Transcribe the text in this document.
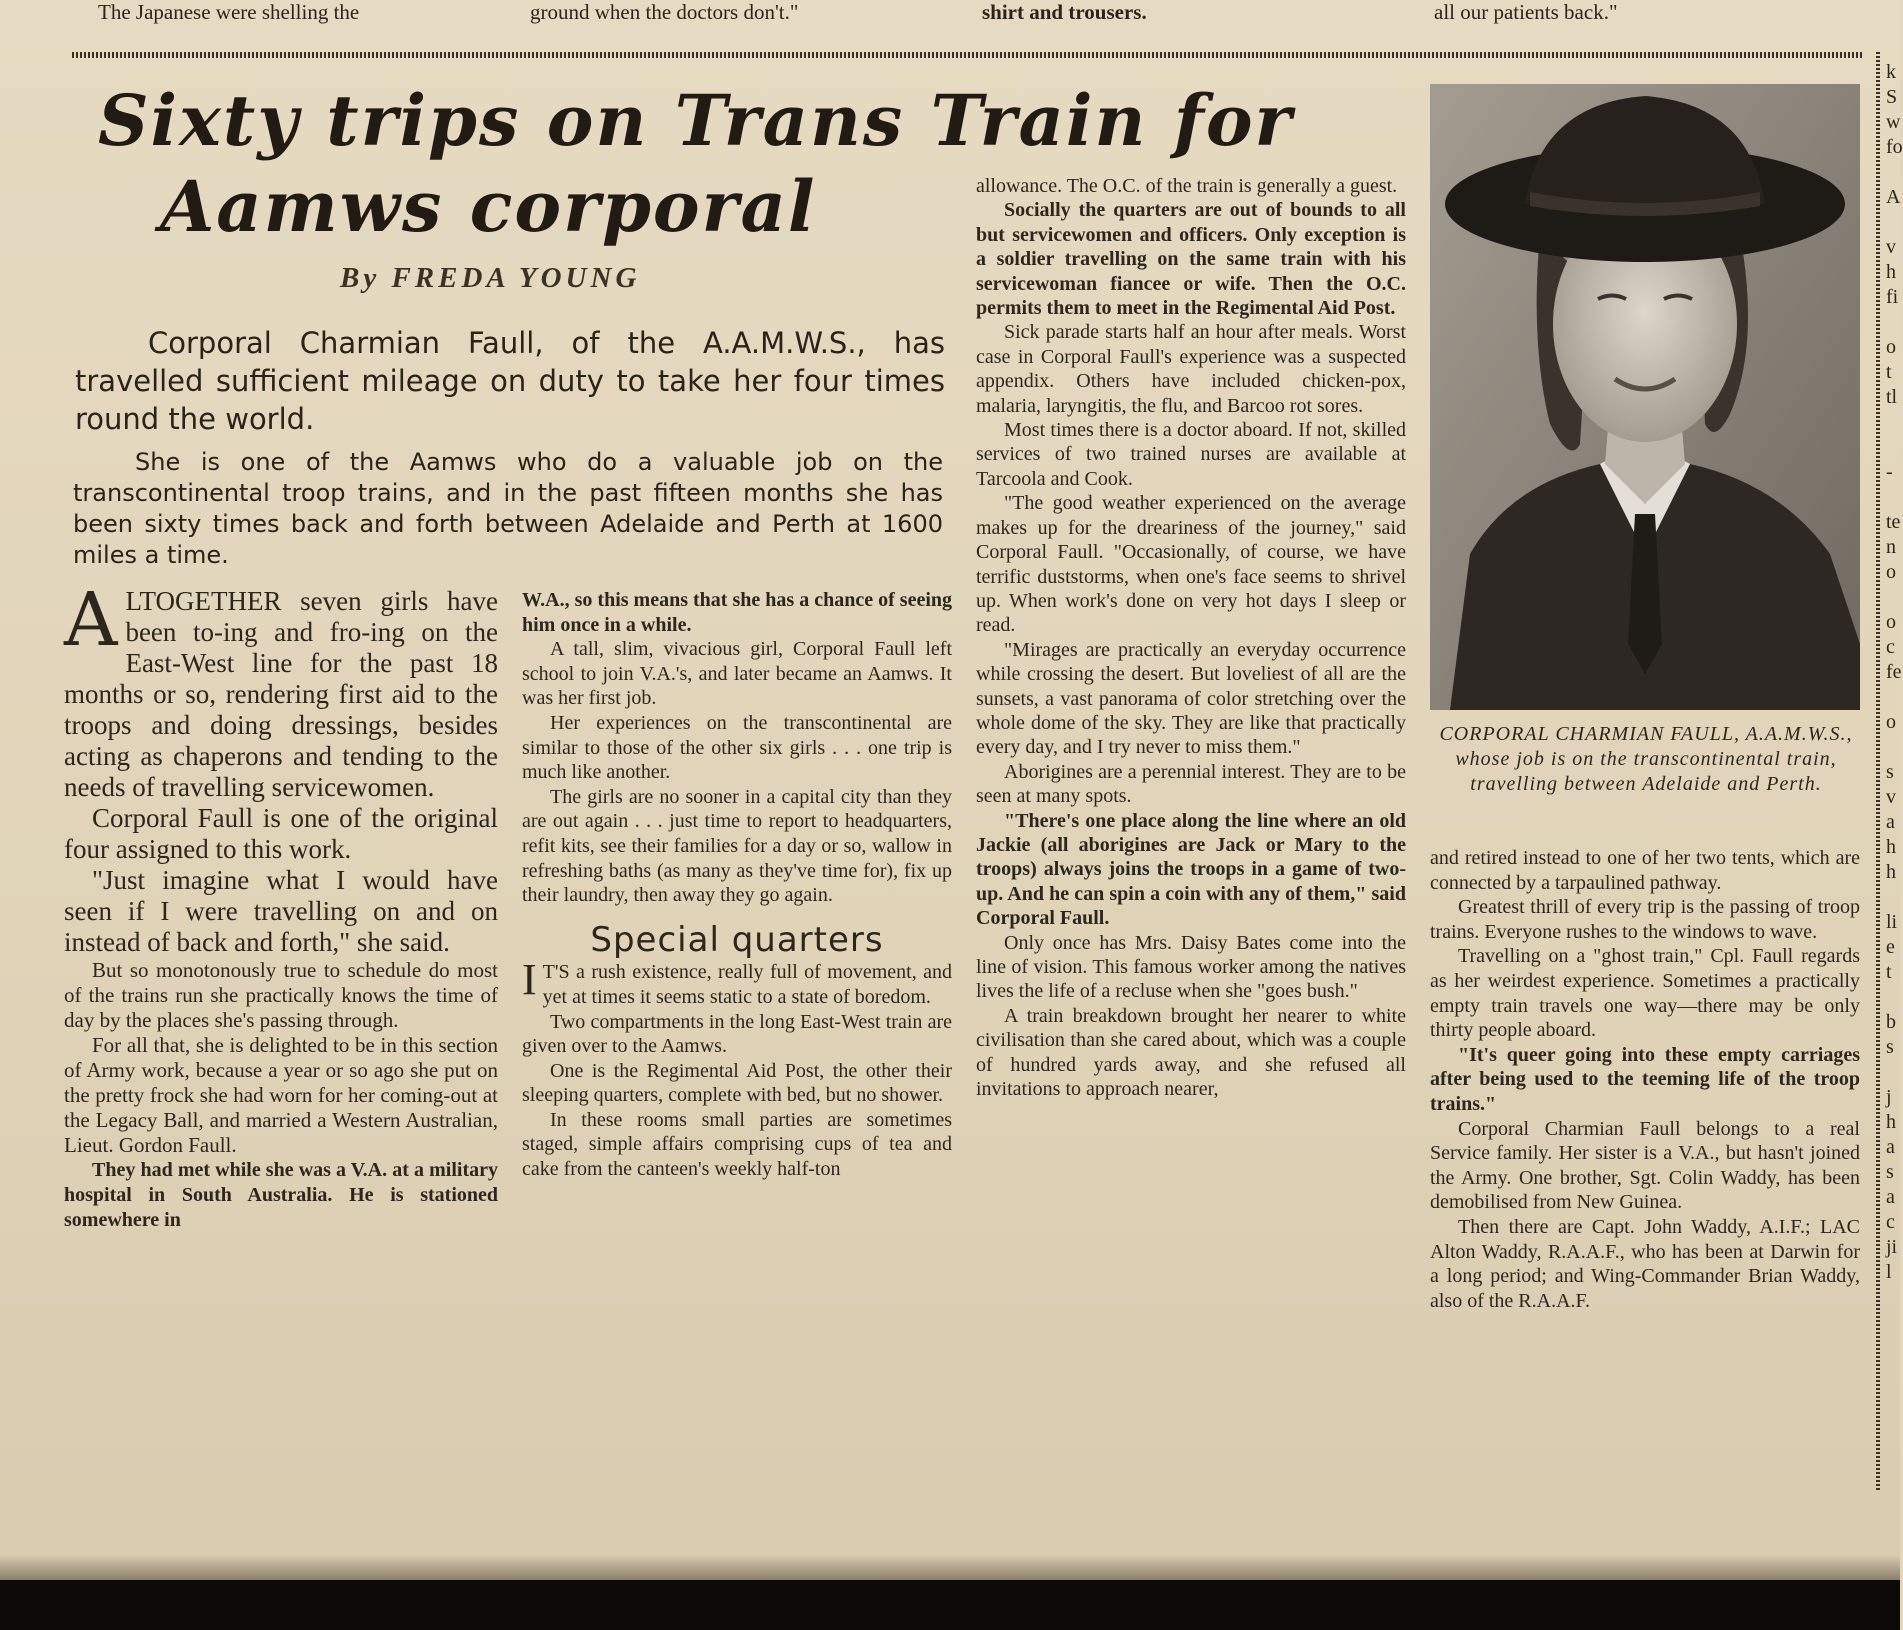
The Japanese were shelling the	ground when the doctors don't."	shirt and trousers.	all our patients back."
k
S
w
fo

A

v
h
fi

o
t
tl

-

te
n
o

o
c
fe

o

s
v
a
h
h

li
e
t

b
s

j
h
a
s
a
c
ji
l
Sixty trips on Trans Train for
Aamws corporal
By FREDA YOUNG
Corporal Charmian Faull, of the A.A.M.W.S., has travelled sufficient mileage on duty to take her four times round the world.
She is one of the Aamws who do a valuable job on the transcontinental troop trains, and in the past fifteen months she has been sixty times back and forth between Adelaide and Perth at 1600 miles a time.

ALTOGETHER seven girls have been to-ing and fro-ing on the East-West line for the past 18 months or so, rendering first aid to the troops and doing dressings, besides acting as chaperons and tending to the needs of travelling servicewomen.

Corporal Faull is one of the original four assigned to this work.

"Just imagine what I would have seen if I were travelling on and on instead of back and forth," she said.

But so monotonously true to schedule do most of the trains run she practically knows the time of day by the places she's passing through.

For all that, she is delighted to be in this section of Army work, because a year or so ago she put on the pretty frock she had worn for her coming-out at the Legacy Ball, and married a Western Australian, Lieut. Gordon Faull.

They had met while she was a V.A. at a military hospital in South Australia. He is stationed somewhere in

W.A., so this means that she has a chance of seeing him once in a while.

A tall, slim, vivacious girl, Corporal Faull left school to join V.A.'s, and later became an Aamws. It was her first job.

Her experiences on the transcontinental are similar to those of the other six girls . . . one trip is much like another.

The girls are no sooner in a capital city than they are out again . . . just time to report to headquarters, refit kits, see their families for a day or so, wallow in refreshing baths (as many as they've time for), fix up their laundry, then away they go again.

Special quarters

I T'S a rush existence, really full of movement, and yet at times it seems static to a state of boredom.

Two compartments in the long East-West train are given over to the Aamws.

One is the Regimental Aid Post, the other their sleeping quarters, complete with bed, but no shower.

In these rooms small parties are sometimes staged, simple affairs comprising cups of tea and cake from the canteen's weekly half-ton

allowance. The O.C. of the train is generally a guest.

Socially the quarters are out of bounds to all but servicewomen and officers. Only exception is a soldier travelling on the same train with his servicewoman fiancee or wife. Then the O.C. permits them to meet in the Regimental Aid Post.

Sick parade starts half an hour after meals. Worst case in Corporal Faull's experience was a suspected appendix. Others have included chicken-pox, malaria, laryngitis, the flu, and Barcoo rot sores.

Most times there is a doctor aboard. If not, skilled services of two trained nurses are available at Tarcoola and Cook.

"The good weather experienced on the average makes up for the dreariness of the journey," said Corporal Faull. "Occasionally, of course, we have terrific duststorms, when one's face seems to shrivel up. When work's done on very hot days I sleep or read.

"Mirages are practically an everyday occurrence while crossing the desert. But loveliest of all are the sunsets, a vast panorama of color stretching over the whole dome of the sky. They are like that practically every day, and I try never to miss them."

Aborigines are a perennial interest. They are to be seen at many spots.

"There's one place along the line where an old Jackie (all aborigines are Jack or Mary to the troops) always joins the troops in a game of two-up. And he can spin a coin with any of them," said Corporal Faull.

Only once has Mrs. Daisy Bates come into the line of vision. This famous worker among the natives lives the life of a recluse when she "goes bush."

A train breakdown brought her nearer to white civilisation than she cared about, which was a couple of hundred yards away, and she refused all invitations to approach nearer,

CORPORAL CHARMIAN FAULL, A.A.M.W.S., whose job is on the transcontinental train, travelling between Adelaide and Perth.

and retired instead to one of her two tents, which are connected by a tarpaulined pathway.

Greatest thrill of every trip is the passing of troop trains. Everyone rushes to the windows to wave.

Travelling on a "ghost train," Cpl. Faull regards as her weirdest experience. Sometimes a practically empty train travels one way—there may be only thirty people aboard.

"It's queer going into these empty carriages after being used to the teeming life of the troop trains."

Corporal Charmian Faull belongs to a real Service family. Her sister is a V.A., but hasn't joined the Army. One brother, Sgt. Colin Waddy, has been demobilised from New Guinea.

Then there are Capt. John Waddy, A.I.F.; LAC Alton Waddy, R.A.A.F., who has been at Darwin for a long period; and Wing-Commander Brian Waddy, also of the R.A.A.F.
